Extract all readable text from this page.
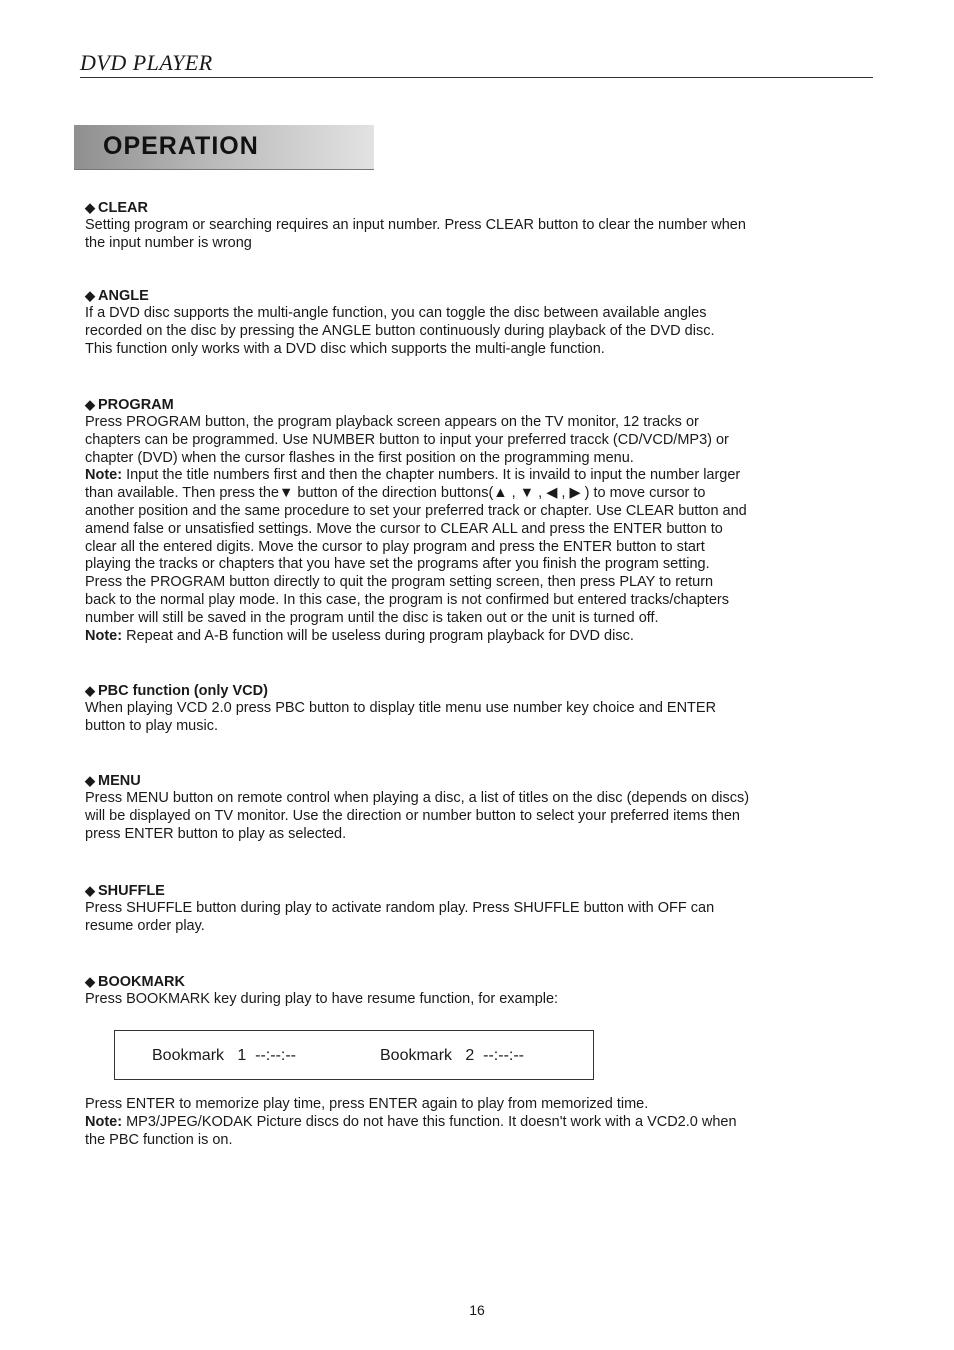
DVD PLAYER
OPERATION
◆ CLEAR

Setting program or searching requires an input number. Press CLEAR button to clear the number when

the input number is wrong

◆ ANGLE

If a DVD disc supports the multi-angle function, you can toggle the disc between available angles

recorded on the disc by pressing the ANGLE button continuously during playback of the DVD disc.

This function only works with a DVD disc which supports the multi-angle function.

◆ PROGRAM

Press PROGRAM button, the program playback screen appears on the TV monitor, 12 tracks or

chapters can be programmed. Use NUMBER button to input your preferred tracck (CD/VCD/MP3) or

chapter (DVD) when the cursor flashes in the first position on the programming menu.

Note: Input the title numbers first and then the chapter numbers. It is invaild to input the number larger

than available. Then press the▼ button of the direction buttons(▲ , ▼ , ◀ , ▶ ) to move cursor to

another position and the same procedure to set your preferred track or chapter. Use CLEAR button and

amend false or unsatisfied settings. Move the cursor to CLEAR ALL and press the ENTER button to

clear all the entered digits. Move the cursor to play program and press the ENTER button to start

playing the tracks or chapters that you have set the programs after you finish the program setting.

Press the PROGRAM button directly to quit the program setting screen, then press PLAY to return

back to the normal play mode. In this case, the program is not confirmed but entered tracks/chapters

number will still be saved in the program until the disc is taken out or the unit is turned off.

Note: Repeat and A-B function will be useless during program playback for DVD disc.

◆ PBC function (only VCD)

When playing VCD 2.0 press PBC button to display title menu use number key choice and ENTER

button to play music.

◆ MENU

Press MENU button on remote control when playing a disc, a list of titles on the disc (depends on discs)

will be displayed on TV monitor. Use the direction or number button to select your preferred items then

press ENTER button to play as selected.

◆ SHUFFLE

Press SHUFFLE button during play to activate random play. Press SHUFFLE button with OFF can

resume order play.

◆ BOOKMARK

Press BOOKMARK key during play to have resume function, for example:

Bookmark   1  --:--:--	Bookmark   2  --:--:--

Press ENTER to memorize play time, press ENTER again to play from memorized time.

Note: MP3/JPEG/KODAK Picture discs do not have this function. It doesn't work with a VCD2.0 when

the PBC function is on.

16
